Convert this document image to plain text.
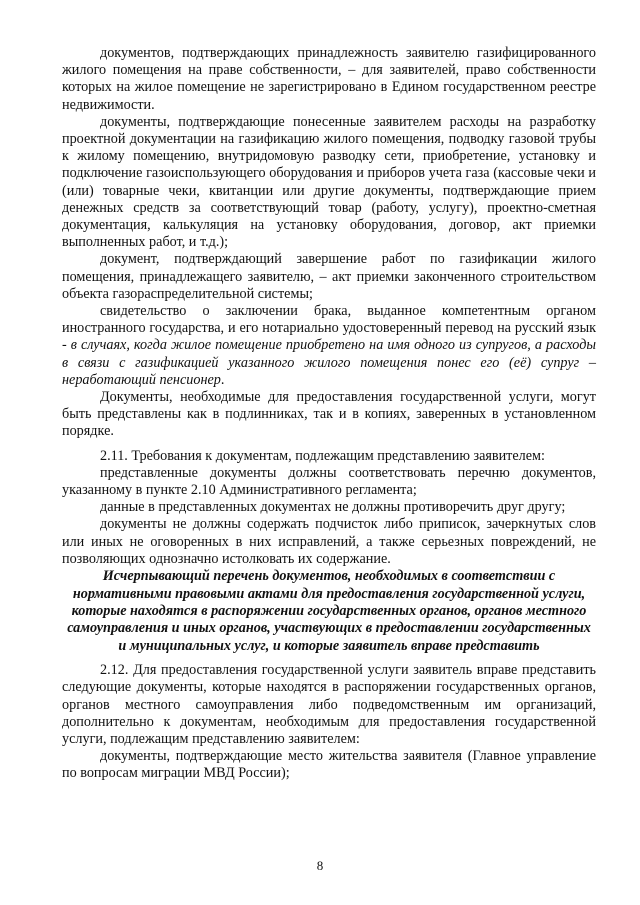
документов, подтверждающих принадлежность заявителю газифицированного жилого помещения на праве собственности, – для заявителей, право собственности которых на жилое помещение не зарегистрировано в Едином государственном реестре недвижимости.

документы, подтверждающие понесенные заявителем расходы на разработку проектной документации на газификацию жилого помещения, подводку газовой трубы к жилому помещению, внутридомовую разводку сети, приобретение, установку и подключение газоиспользующего оборудования и приборов учета газа (кассовые чеки и (или) товарные чеки, квитанции или другие документы, подтверждающие прием денежных средств за соответствующий товар (работу, услугу), проектно-сметная документация, калькуляция на установку оборудования, договор, акт приемки выполненных работ, и т.д.);

документ, подтверждающий завершение работ по газификации жилого помещения, принадлежащего заявителю, – акт приемки законченного строительством объекта газораспределительной системы;

свидетельство о заключении брака, выданное компетентным органом иностранного государства, и его нотариально удостоверенный перевод на русский язык - в случаях, когда жилое помещение приобретено на имя одного из супругов, а расходы в связи с газификацией указанного жилого помещения понес его (её) супруг – неработающий пенсионер.

Документы, необходимые для предоставления государственной услуги, могут быть представлены как в подлинниках, так и в копиях, заверенных в установленном порядке.

2.11. Требования к документам, подлежащим представлению заявителем:

представленные документы должны соответствовать перечню документов, указанному в пункте 2.10 Административного регламента;

данные в представленных документах не должны противоречить друг другу;

документы не должны содержать подчисток либо приписок, зачеркнутых слов или иных не оговоренных в них исправлений, а также серьезных повреждений, не позволяющих однозначно истолковать их содержание.

Исчерпывающий перечень документов, необходимых в соответствии с нормативными правовыми актами для предоставления государственной услуги, которые находятся в распоряжении государственных органов, органов местного самоуправления и иных органов, участвующих в предоставлении государственных и муниципальных услуг, и которые заявитель вправе представить

2.12. Для предоставления государственной услуги заявитель вправе представить следующие документы, которые находятся в распоряжении государственных органов, органов местного самоуправления либо подведомственным им организаций, дополнительно к документам, необходимым для предоставления государственной услуги, подлежащим представлению заявителем:

документы, подтверждающие место жительства заявителя (Главное управление по вопросам миграции МВД России);

8
